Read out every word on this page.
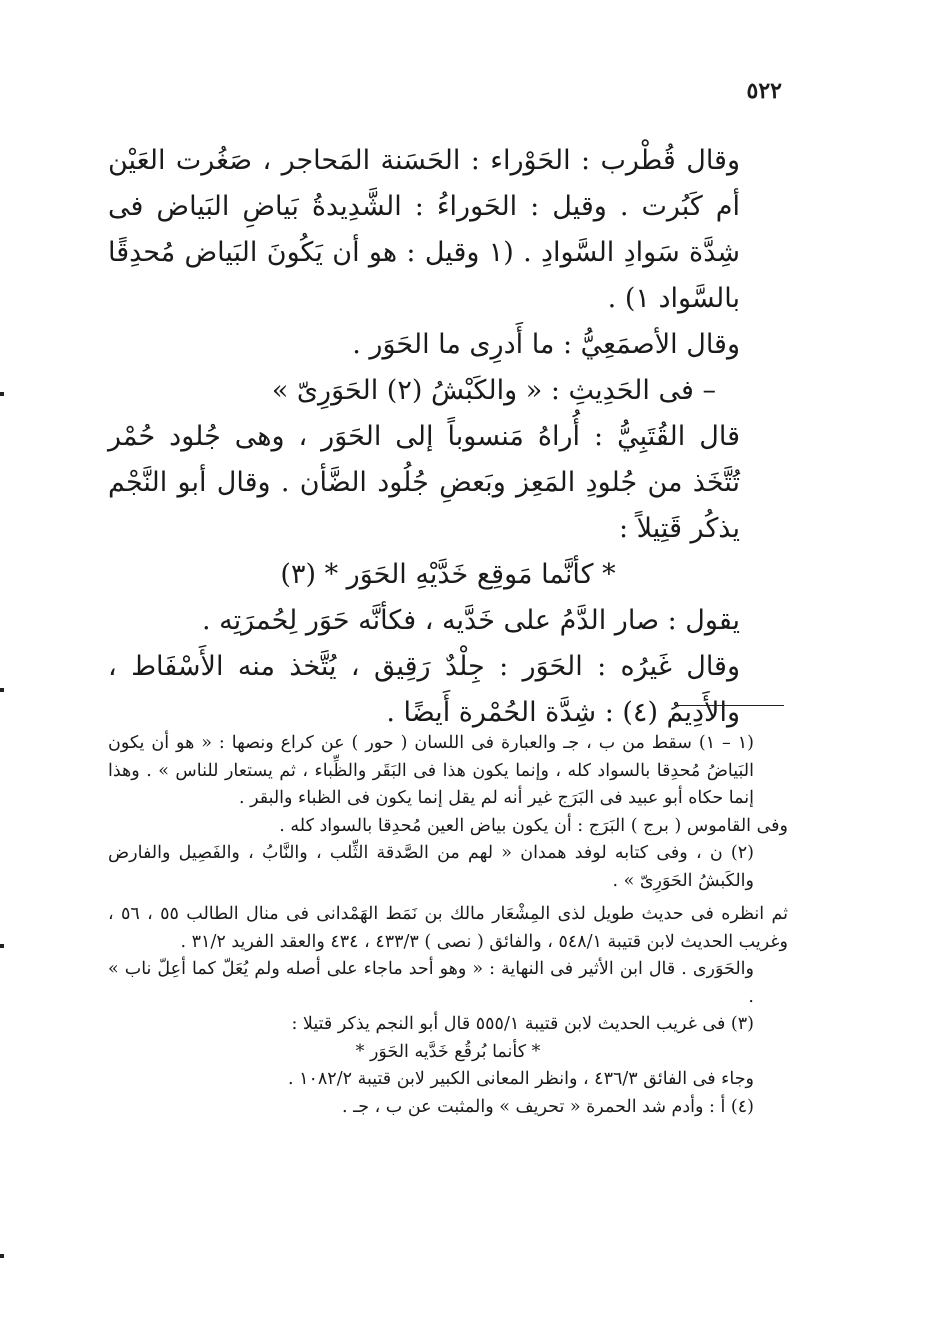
٥٢٢

وقال قُطْرب : الحَوْراء : الحَسَنة المَحاجر ، صَغُرت العَيْن أم كَبُرت . وقيل : الحَوراءُ : الشَّدِيدةُ بَياضِ البَياض فى شِدَّة سَوادِ السَّوادِ . (١ وقيل : هو أن يَكُونَ البَياض مُحدِقًا بالسَّواد ١) .

وقال الأصمَعِيُّ : ما أَدرِى ما الحَوَر .

– فى الحَدِيثِ : « والكَبْشُ (٢) الحَوَرِىّ »

قال القُتَبِيُّ : أُراهُ مَنسوباً إلى الحَوَر ، وهى جُلود حُمْر تُتَّخَذ من جُلودِ المَعِز وبَعضِ جُلُود الضَّأن . وقال أبو النَّجْم يذكُر قَتِيلاً :

* كأنَّما مَوقِع خَدَّيْهِ الحَوَر * (٣)

يقول : صار الدَّمُ على خَدَّيه ، فكأنَّه حَوَر لِحُمرَتِه .

وقال غَيرُه : الحَوَر : جِلْدٌ رَقِيق ، يُتَّخذ منه الأَسْفَاط ، والأَدِيمُ (٤) : شِدَّة الحُمْرة أَيضًا .

(١ – ١) سقط من ب ، جـ والعبارة فى اللسان ( حور ) عن كراع ونصها : « هو أن يكون البَياضُ مُحدِقا بالسواد كله ، وإنما يكون هذا فى البَقَر والظِّباء ، ثم يستعار للناس » . وهذا إنما حكاه أبو عبيد فى البَرَج غير أنه لم يقل إنما يكون فى الظباء والبقر .

وفى القاموس ( برج ) البَرَج : أن يكون بياض العين مُحدِقا بالسواد كله .

(٢) ن ، وفى كتابه لوفد همدان « لهم من الصَّدقة الثِّلب ، والنَّابُ ، والفَصِيل والفارض والكَبشُ الحَوَرِىّ » .

ثم انظره فى حديث طويل لذى المِشْعَار مالك بن نَمَط الهَمْدانى فى منال الطالب ٥٥ ، ٥٦ ، وغريب الحديث لابن قتيبة ٥٤٨/١ ، والفائق ( نصى ) ٤٣٣/٣ ، ٤٣٤ والعقد الفريد ٣١/٢ .

والحَوَرى . قال ابن الأثير فى النهاية : « وهو أحد ماجاء على أصله ولم يُعَلّ كما أعِلّ ناب » .

(٣) فى غريب الحديث لابن قتيبة ٥٥٥/١ قال أبو النجم يذكر قتيلا :

* كأنما بُرقُع خَدَّيه الحَوَر *

وجاء فى الفائق ٤٣٦/٣ ، وانظر المعانى الكبير لابن قتيبة ١٠٨٢/٢ .

(٤) أ : وأدم شد الحمرة « تحريف » والمثبت عن ب ، جـ .
